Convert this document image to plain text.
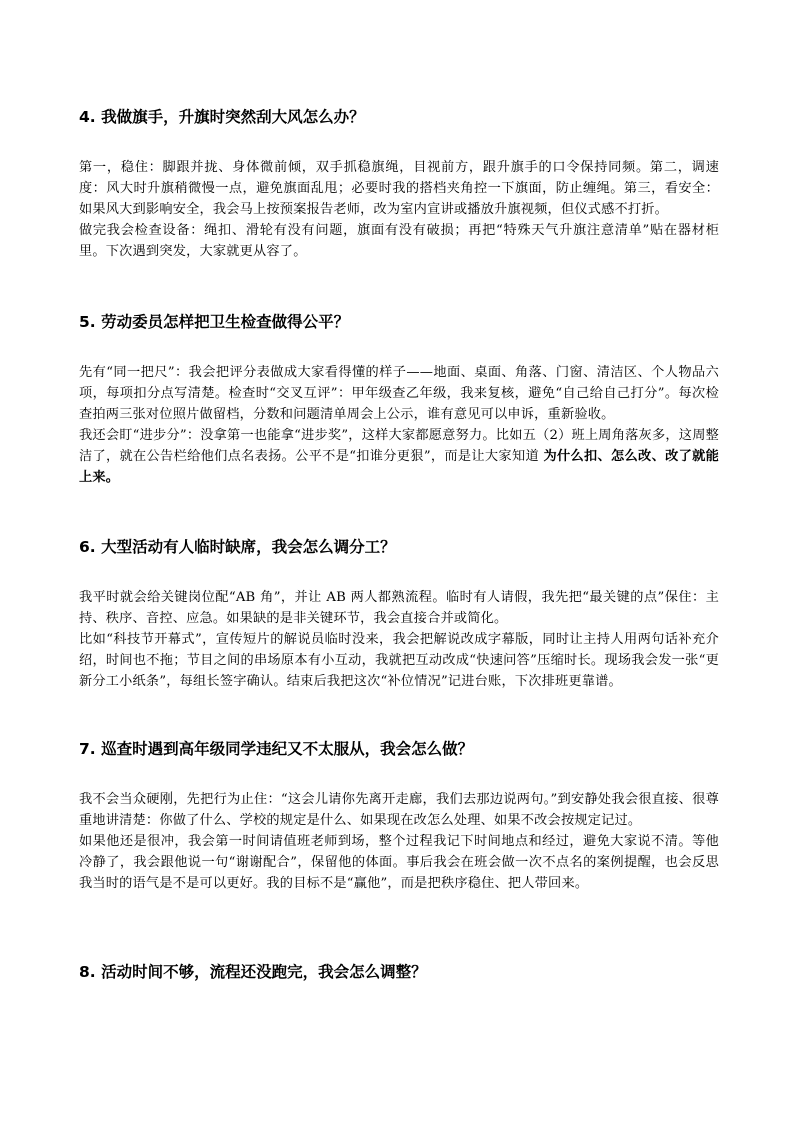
4. 我做旗手，升旗时突然刮大风怎么办？

第一，稳住：脚跟并拢、身体微前倾，双手抓稳旗绳，目视前方，跟升旗手的口令保持同频。第二，调速度：风大时升旗稍微慢一点，避免旗面乱甩；必要时我的搭档夹角控一下旗面，防止缠绳。第三，看安全：如果风大到影响安全，我会马上按预案报告老师，改为室内宣讲或播放升旗视频，但仪式感不打折。

做完我会检查设备：绳扣、滑轮有没有问题，旗面有没有破损；再把“特殊天气升旗注意清单”贴在器材柜里。下次遇到突发，大家就更从容了。

5. 劳动委员怎样把卫生检查做得公平？

先有“同一把尺”：我会把评分表做成大家看得懂的样子——地面、桌面、角落、门窗、清洁区、个人物品六项，每项扣分点写清楚。检查时“交叉互评”：甲年级查乙年级，我来复核，避免“自己给自己打分”。每次检查拍两三张对位照片做留档，分数和问题清单周会上公示，谁有意见可以申诉，重新验收。

我还会盯“进步分”：没拿第一也能拿“进步奖”，这样大家都愿意努力。比如五（2）班上周角落灰多，这周整洁了，就在公告栏给他们点名表扬。公平不是“扣谁分更狠”，而是让大家知道 为什么扣、怎么改、改了就能上来。

6. 大型活动有人临时缺席，我会怎么调分工？

我平时就会给关键岗位配“AB 角”，并让 AB 两人都熟流程。临时有人请假，我先把“最关键的点”保住：主持、秩序、音控、应急。如果缺的是非关键环节，我会直接合并或简化。

比如“科技节开幕式”，宣传短片的解说员临时没来，我会把解说改成字幕版，同时让主持人用两句话补充介绍，时间也不拖；节目之间的串场原本有小互动，我就把互动改成“快速问答”压缩时长。现场我会发一张“更新分工小纸条”，每组长签字确认。结束后我把这次“补位情况”记进台账，下次排班更靠谱。

7. 巡查时遇到高年级同学违纪又不太服从，我会怎么做？

我不会当众硬刚，先把行为止住：“这会儿请你先离开走廊，我们去那边说两句。”到安静处我会很直接、很尊重地讲清楚：你做了什么、学校的规定是什么、如果现在改怎么处理、如果不改会按规定记过。

如果他还是很冲，我会第一时间请值班老师到场，整个过程我记下时间地点和经过，避免大家说不清。等他冷静了，我会跟他说一句“谢谢配合”，保留他的体面。事后我会在班会做一次不点名的案例提醒，也会反思我当时的语气是不是可以更好。我的目标不是“赢他”，而是把秩序稳住、把人带回来。

8. 活动时间不够，流程还没跑完，我会怎么调整？
